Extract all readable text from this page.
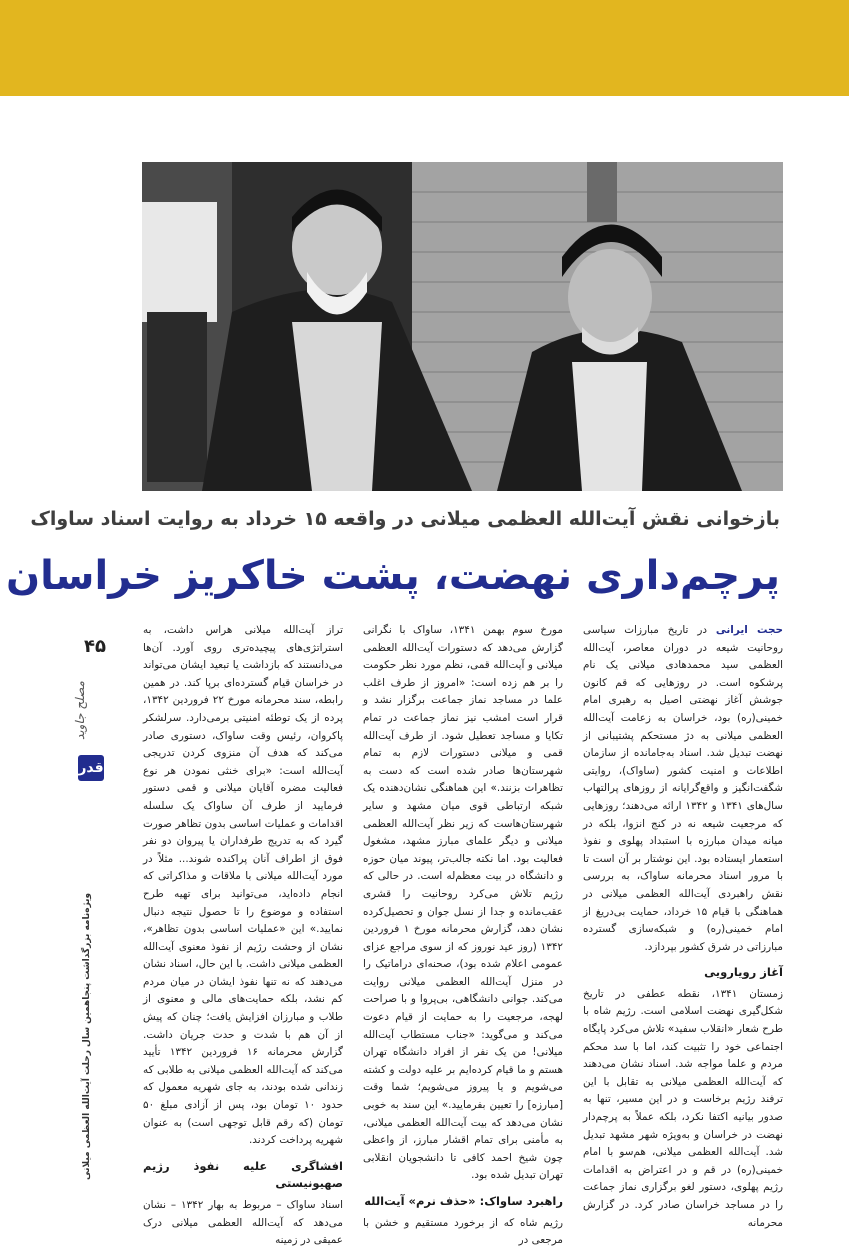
بازخوانی نقش آیت‌الله العظمی میلانی در واقعه ۱۵ خرداد به روایت اسناد ساواک
پرچم‌داری نهضت، پشت خاکریز خراسان

حجت ایرانی در تاریخ مبارزات سیاسی روحانیت شیعه در دوران معاصر، آیت‌الله العظمی سید محمدهادی میلانی یک نام پرشکوه است. در روزهایی که قم کانون جوشش آغاز نهضتی اصیل به رهبری امام خمینی(ره) بود، خراسان به زعامت آیت‌الله العظمی میلانی به دژ مستحکم پشتیبانی از نهضت تبدیل شد. اسناد به‌جامانده از سازمان اطلاعات و امنیت کشور (ساواک)، روایتی شگفت‌انگیز و واقع‌گرایانه از روزهای پرالتهاب سال‌های ۱۳۴۱ و ۱۳۴۲ ارائه می‌دهند؛ روزهایی که مرجعیت شیعه نه در کنج انزوا، بلکه در میانه میدان مبارزه با استبداد پهلوی و نفوذ استعمار ایستاده بود. این نوشتار بر آن است تا با مرور اسناد محرمانه ساواک، به بررسی نقش راهبردی آیت‌الله العظمی میلانی در هماهنگی با قیام ۱۵ خرداد، حمایت بی‌دریغ از امام خمینی(ره) و شبکه‌سازی گسترده مبارزاتی در شرق کشور بپردازد.

آغاز رویارویی

زمستان ۱۳۴۱، نقطه عطفی در تاریخ شکل‌گیری نهضت اسلامی است. رژیم شاه با طرح شعار «انقلاب سفید» تلاش می‌کرد پایگاه اجتماعی خود را تثبیت کند، اما با سد محکم مردم و علما مواجه شد. اسناد نشان می‌دهند که آیت‌الله العظمی میلانی به تقابل با این ترفند رژیم برخاست و در این مسیر، تنها به صدور بیانیه اکتفا نکرد، بلکه عملاً به پرچم‌دار نهضت در خراسان و به‌ویژه شهر مشهد تبدیل شد. آیت‌الله العظمی میلانی، هم‌سو با امام خمینی(ره) در قم و در اعتراض به اقدامات رژیم پهلوی، دستور لغو برگزاری نماز جماعت را در مساجد خراسان صادر کرد. در گزارش محرمانه

مورخ سوم بهمن ۱۳۴۱، ساواک با نگرانی گزارش می‌دهد که دستورات آیت‌الله العظمی میلانی و آیت‌الله قمی، نظم مورد نظر حکومت را بر هم زده است: «امروز از طرف اغلب علما در مساجد نماز جماعت برگزار نشد و قرار است امشب نیز نماز جماعت در تمام تکایا و مساجد تعطیل شود. از طرف آیت‌الله قمی و میلانی دستورات لازم به تمام شهرستان‌ها صادر شده است که دست به تظاهرات بزنند.» این هماهنگی نشان‌دهنده یک شبکه ارتباطی قوی میان مشهد و سایر شهرستان‌هاست که زیر نظر آیت‌الله العظمی میلانی و دیگر علمای مبارز مشهد، مشغول فعالیت بود. اما نکته جالب‌تر، پیوند میان حوزه و دانشگاه در بیت معظم‌له است. در حالی که رژیم تلاش می‌کرد روحانیت را قشری عقب‌مانده و جدا از نسل جوان و تحصیل‌کرده نشان دهد، گزارش محرمانه مورخ ۱ فروردین ۱۳۴۲ (روز عید نوروز که از سوی مراجع عزای عمومی اعلام شده بود)، صحنه‌ای دراماتیک را در منزل آیت‌الله العظمی میلانی روایت می‌کند. جوانی دانشگاهی، بی‌پروا و با صراحت لهجه، مرجعیت را به حمایت از قیام دعوت می‌کند و می‌گوید: «جناب مستطاب آیت‌الله میلانی! من یک نفر از افراد دانشگاه تهران هستم و ما قیام کرده‌ایم بر علیه دولت و کشته می‌شویم و یا پیروز می‌شویم؛ شما وقت [مبارزه] را تعیین بفرمایید.» این سند به خوبی نشان می‌دهد که بیت آیت‌الله العظمی میلانی، به مأمنی برای تمام اقشار مبارز، از واعظی چون شیخ احمد کافی تا دانشجویان انقلابی تهران تبدیل شده بود.

راهبرد ساواک: «حذف نرم» آیت‌الله

رژیم شاه که از برخورد مستقیم و خشن با مرجعی در

تراز آیت‌الله میلانی هراس داشت، به استراتژی‌های پیچیده‌تری روی آورد. آن‌ها می‌دانستند که بازداشت یا تبعید ایشان می‌تواند در خراسان قیام گسترده‌ای برپا کند. در همین رابطه، سند محرمانه مورخ ۲۲ فروردین ۱۳۴۲، پرده از یک توطئه امنیتی برمی‌دارد. سرلشکر پاکروان، رئیس وقت ساواک، دستوری صادر می‌کند که هدف آن منزوی کردن تدریجی آیت‌الله است: «برای خنثی نمودن هر نوع فعالیت مضره آقایان میلانی و قمی دستور فرمایید از طرف آن ساواک یک سلسله اقدامات و عملیات اساسی بدون تظاهر صورت گیرد که به تدریج طرفداران یا پیروان دو نفر فوق از اطراف آنان پراکنده شوند... مثلاً در مورد آیت‌الله میلانی با ملاقات و مذاکراتی که انجام داده‌اید، می‌توانید برای تهیه طرح استفاده و موضوع را تا حصول نتیجه دنبال نمایید.» این «عملیات اساسی بدون تظاهر»، نشان از وحشت رژیم از نفوذ معنوی آیت‌الله العظمی میلانی داشت. با این حال، اسناد نشان می‌دهند که نه تنها نفوذ ایشان در میان مردم کم نشد، بلکه حمایت‌های مالی و معنوی از طلاب و مبارزان افزایش یافت؛ چنان که پیش از آن هم با شدت و حدت جریان داشت. گزارش محرمانه ۱۶ فروردین ۱۳۴۲ تأیید می‌کند که آیت‌الله العظمی میلانی به طلابی که زندانی شده بودند، به جای شهریه معمول که حدود ۱۰ تومان بود، پس از آزادی مبلغ ۵۰ تومان (که رقم قابل توجهی است) به عنوان شهریه پرداخت کردند.

افشاگری علیه نفوذ رژیم صهیونیستی

اسناد ساواک – مربوط به بهار ۱۳۴۲ – نشان می‌دهد که آیت‌الله العظمی میلانی درک عمیقی در زمینه

۴۵
مصلح جاوید
قدر
ویژه‌نامه بزرگداشت پنجاهمین سال رحلت آیت‌الله العظمی میلانی
